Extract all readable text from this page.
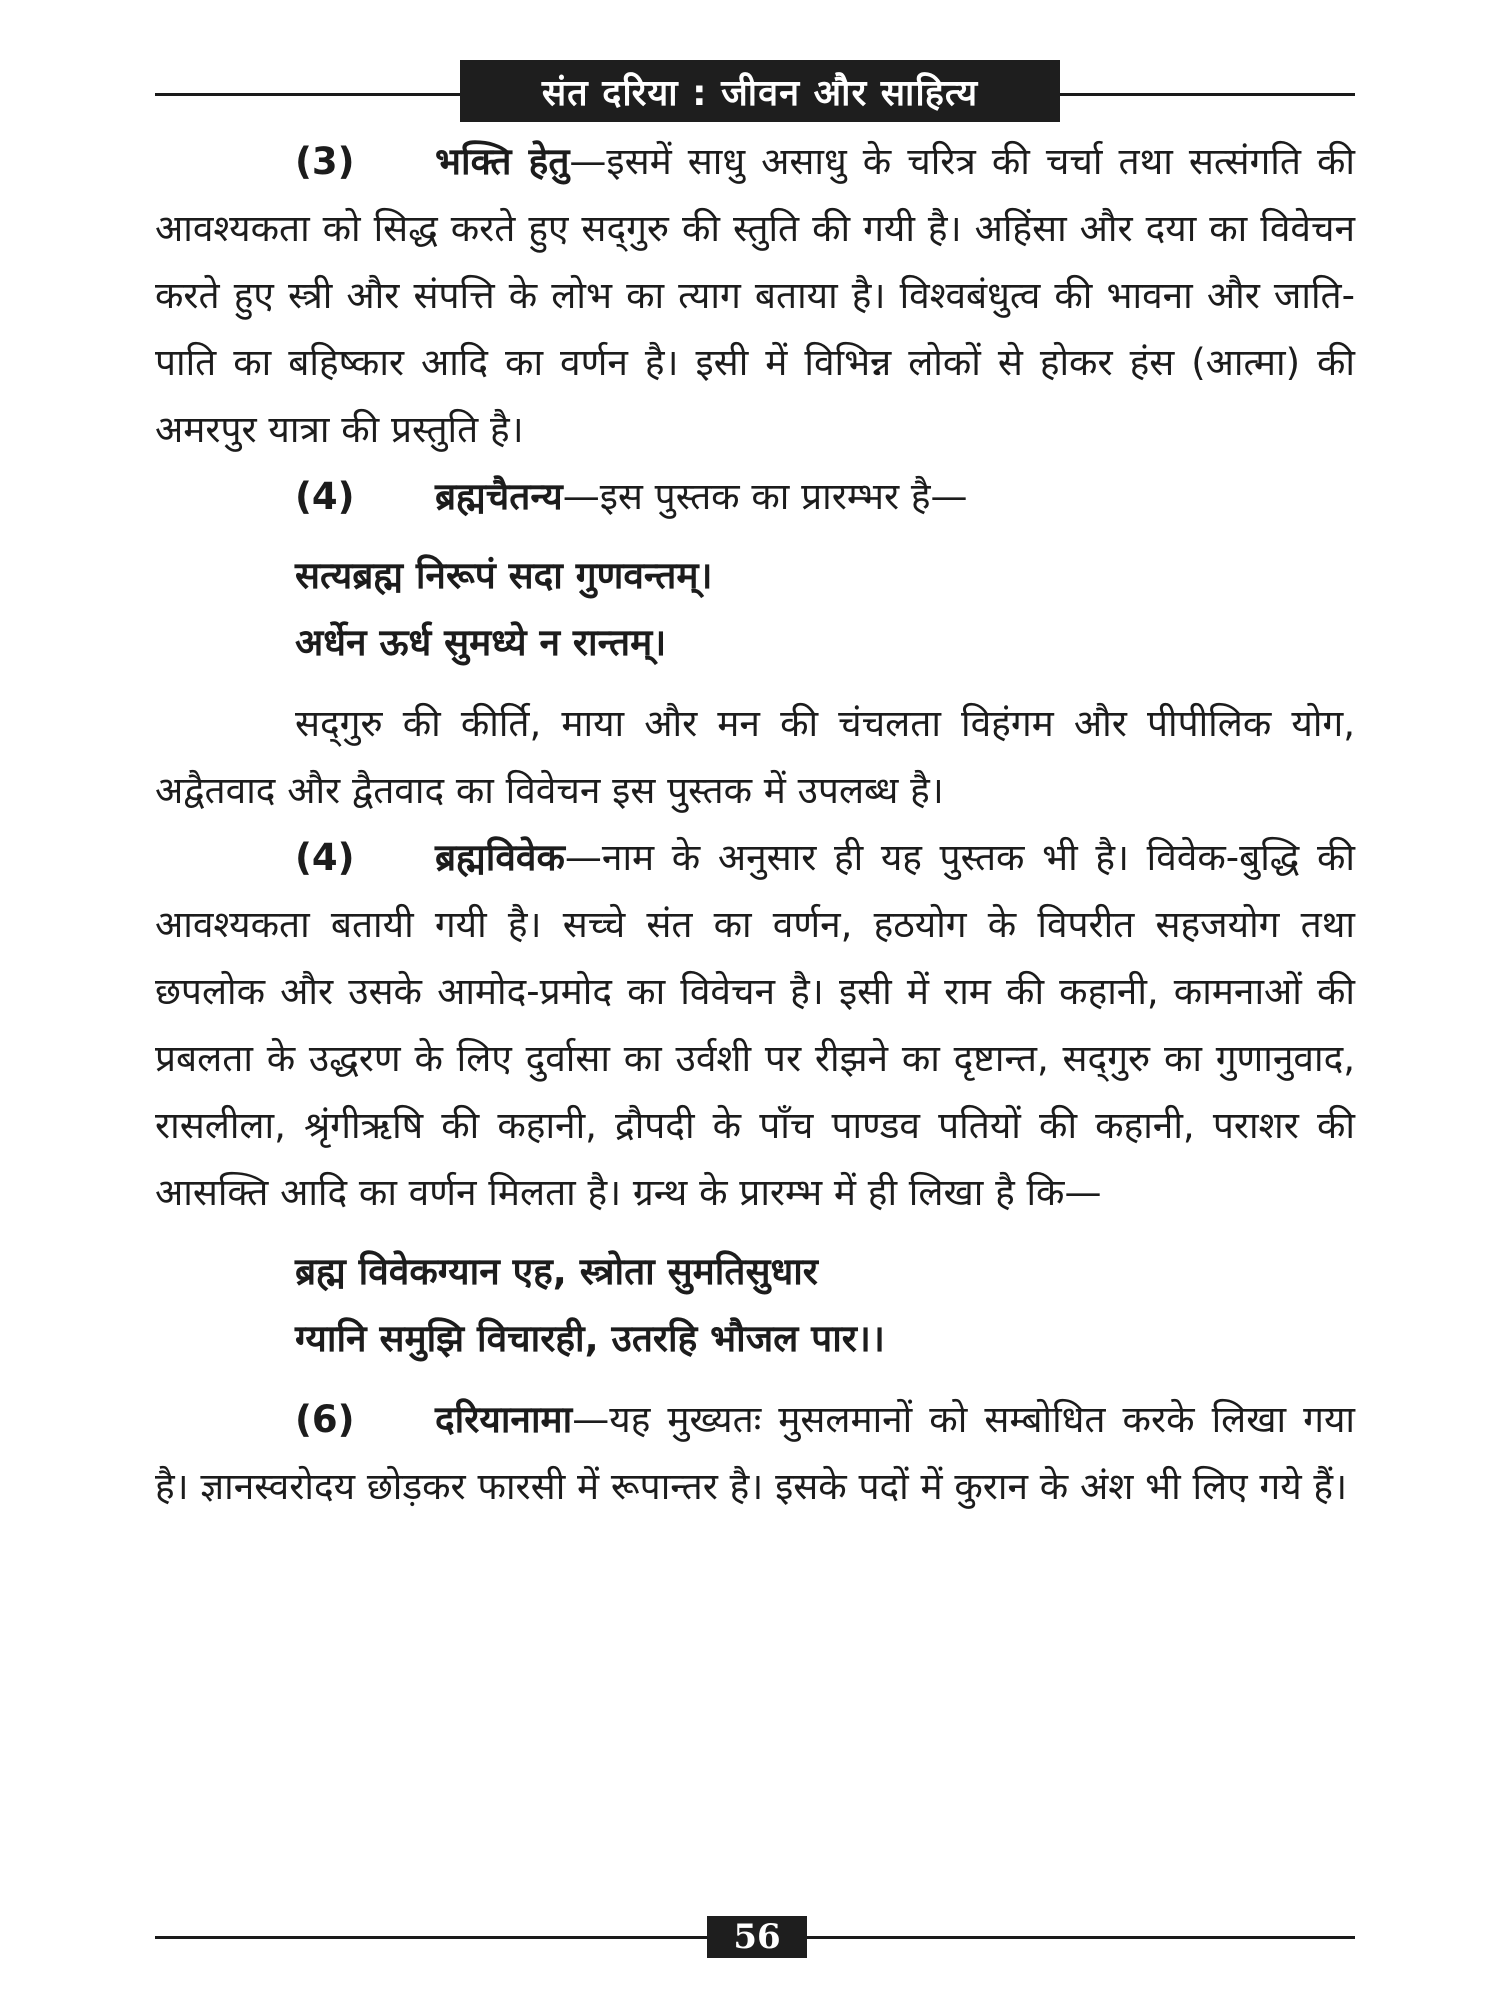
संत दरिया : जीवन और साहित्य

(3) भक्ति हेतु—इसमें साधु असाधु के चरित्र की चर्चा तथा सत्संगति की आवश्यकता को सिद्ध करते हुए सद्‌गुरु की स्तुति की गयी है। अहिंसा और दया का विवेचन करते हुए स्त्री और संपत्ति के लोभ का त्याग बताया है। विश्वबंधुत्व की भावना और जाति-पाति का बहिष्कार आदि का वर्णन है। इसी में विभिन्न लोकों से होकर हंस (आत्मा) की अमरपुर यात्रा की प्रस्तुति है।

(4) ब्रह्मचैतन्य—इस पुस्तक का प्रारम्भर है—

सत्यब्रह्म निरूपं सदा गुणवन्तम्।

अर्धेन ऊर्ध सुमध्ये न रान्तम्।

सद्‌गुरु की कीर्ति, माया और मन की चंचलता विहंगम और पीपीलिक योग, अद्वैतवाद और द्वैतवाद का विवेचन इस पुस्तक में उपलब्ध है।

(4) ब्रह्मविवेक—नाम के अनुसार ही यह पुस्तक भी है। विवेक-बुद्धि की आवश्यकता बतायी गयी है। सच्चे संत का वर्णन, हठयोग के विपरीत सहजयोग तथा छपलोक और उसके आमोद-प्रमोद का विवेचन है। इसी में राम की कहानी, कामनाओं की प्रबलता के उद्धरण के लिए दुर्वासा का उर्वशी पर रीझने का दृष्टान्त, सद्‌गुरु का गुणानुवाद, रासलीला, श्रृंगीऋषि की कहानी, द्रौपदी के पाँच पाण्डव पतियों की कहानी, पराशर की आसक्ति आदि का वर्णन मिलता है। ग्रन्थ के प्रारम्भ में ही लिखा है कि—

ब्रह्म विवेकग्यान एह, स्त्रोता सुमतिसुधार

ग्यानि समुझि विचारही, उतरहि भौजल पार।।

(6) दरियानामा—यह मुख्यतः मुसलमानों को सम्बोधित करके लिखा गया है। ज्ञानस्वरोदय छोड़कर फारसी में रूपान्तर है। इसके पदों में कुरान के अंश भी लिए गये हैं।

56
